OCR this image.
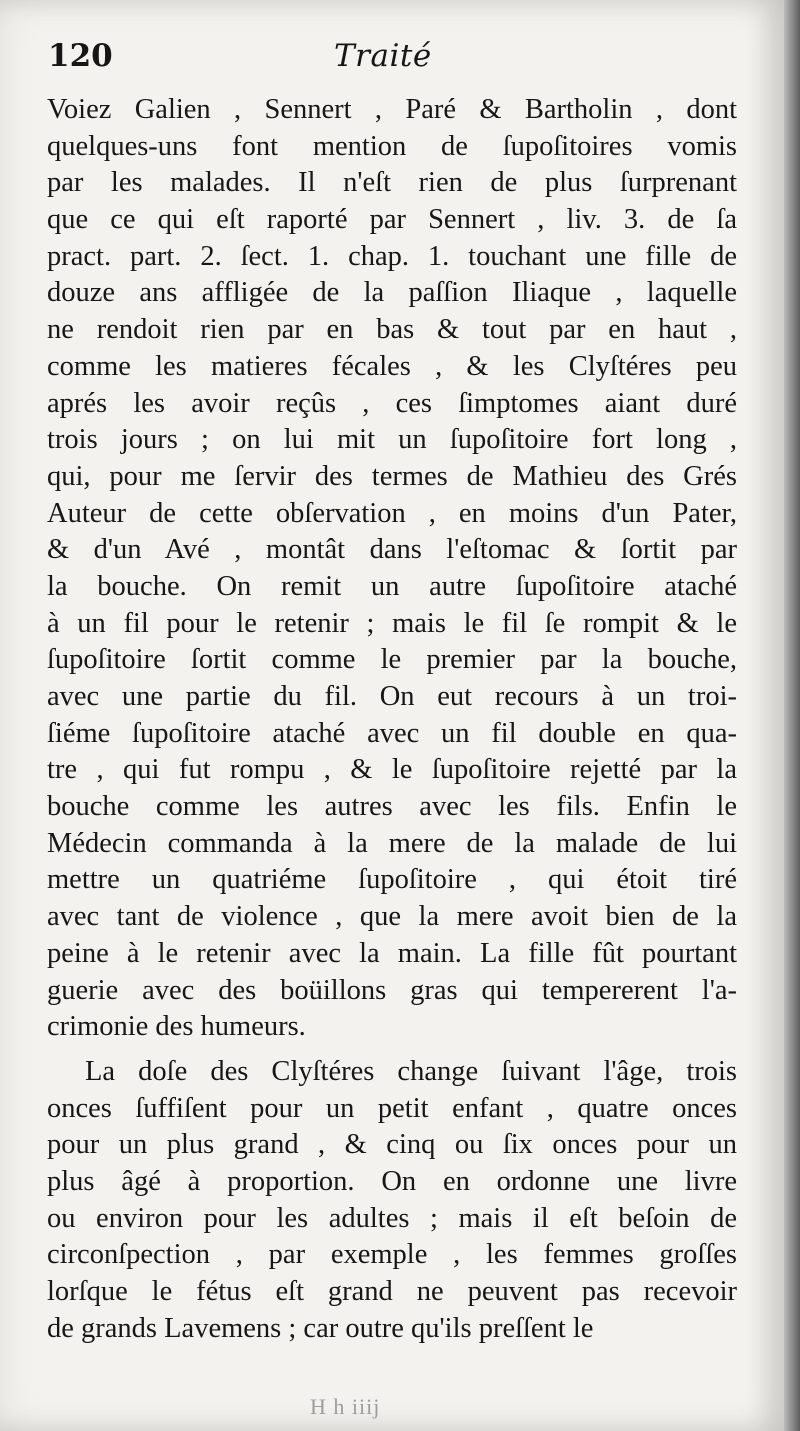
120	Traité
Voiez Galien , Sennert , Paré & Bartholin , dont
quelques-uns font mention de ſupoſitoires vomis
par les malades. Il n'eſt rien de plus ſurprenant
que ce qui eſt raporté par Sennert , liv. 3. de ſa
pract. part. 2. ſect. 1. chap. 1. touchant une fille de
douze ans affligée de la paſſion Iliaque , laquelle
ne rendoit rien par en bas & tout par en haut ,
comme les matieres fécales , & les Clyſtéres peu
aprés les avoir reçûs , ces ſimptomes aiant duré
trois jours ; on lui mit un ſupoſitoire fort long ,
qui, pour me ſervir des termes de Mathieu des Grés
Auteur de cette obſervation , en moins d'un Pater,
& d'un Avé , montât dans l'eſtomac & ſortit par
la bouche. On remit un autre ſupoſitoire ataché
à un fil pour le retenir ; mais le fil ſe rompit & le
ſupoſitoire ſortit comme le premier par la bouche,
avec une partie du fil. On eut recours à un troi-
ſiéme ſupoſitoire ataché avec un fil double en qua-
tre , qui fut rompu , & le ſupoſitoire rejetté par la
bouche comme les autres avec les fils. Enfin le
Médecin commanda à la mere de la malade de lui
mettre un quatriéme ſupoſitoire , qui étoit tiré
avec tant de violence , que la mere avoit bien de la
peine à le retenir avec la main. La fille fût pourtant
guerie avec des boüillons gras qui tempererent l'a-
crimonie des humeurs.
La doſe des Clyſtéres change ſuivant l'âge, trois
onces ſuffiſent pour un petit enfant , quatre onces
pour un plus grand , & cinq ou ſix onces pour un
plus âgé à proportion. On en ordonne une livre
ou environ pour les adultes ; mais il eſt beſoin de
circonſpection , par exemple , les femmes groſſes
lorſque le fétus eſt grand ne peuvent pas recevoir
de grands Lavemens ; car outre qu'ils preſſent le
H h iiij
